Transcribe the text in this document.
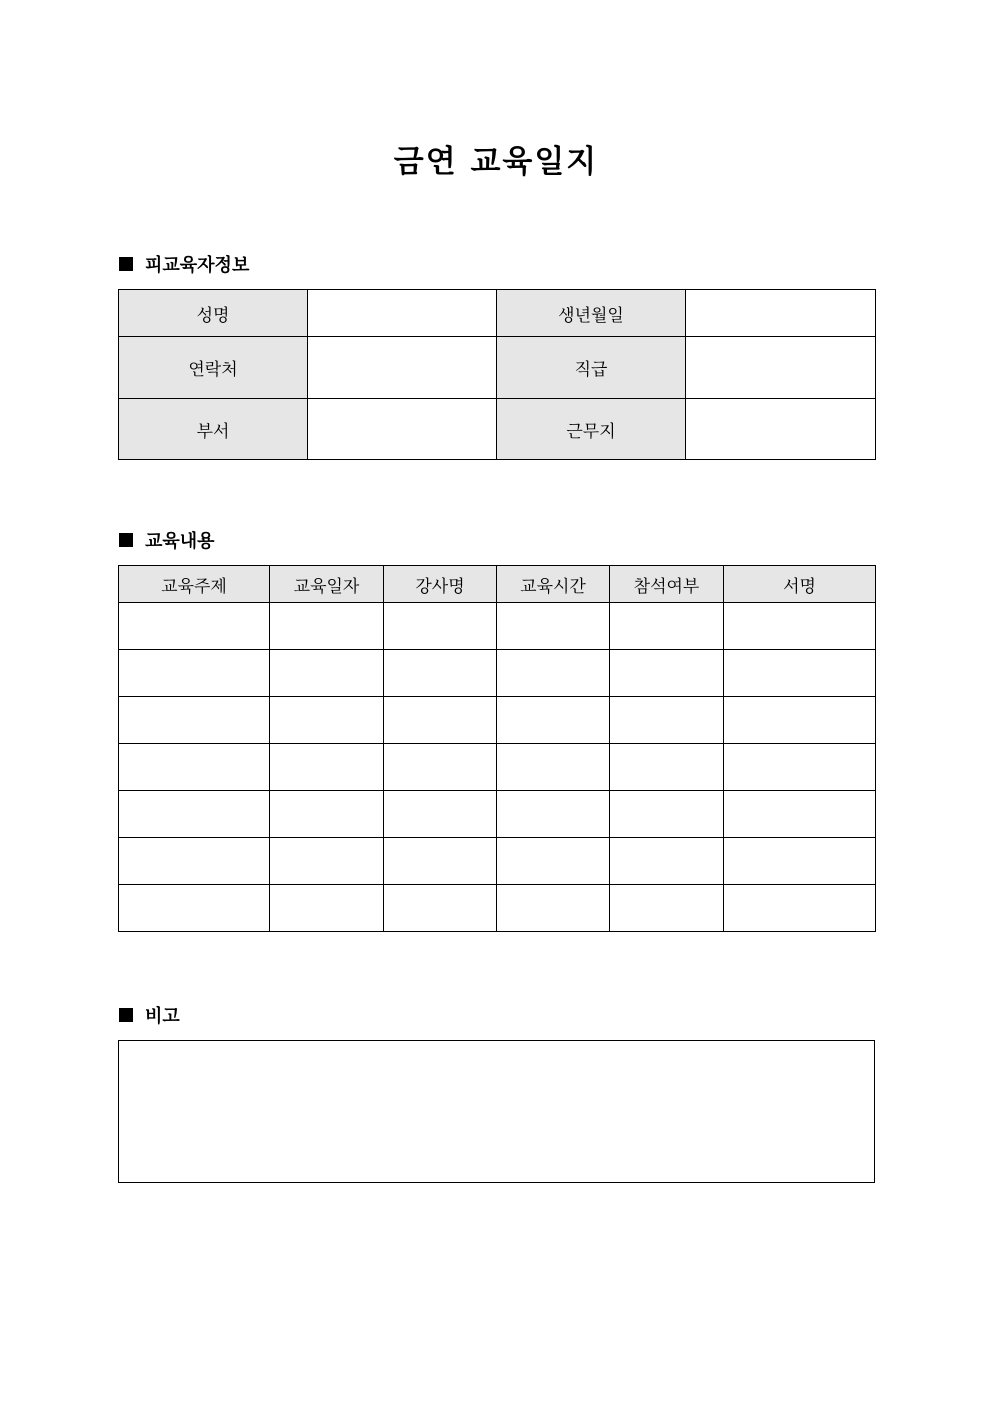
금연 교육일지
피교육자정보
성명		생년월일	
연락처		직급	
부서		근무지	
교육내용
교육주제	교육일자	강사명	교육시간	참석여부	서명

비고
